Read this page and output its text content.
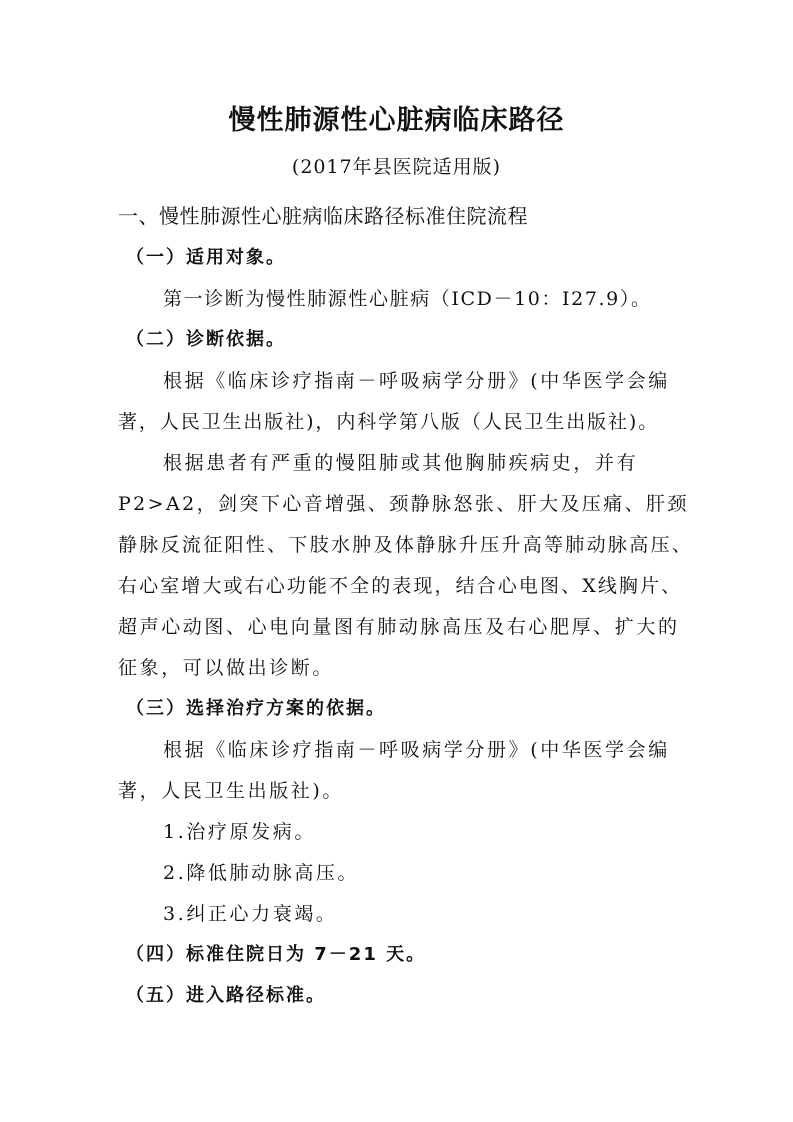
慢性肺源性心脏病临床路径
(2017年县医院适用版)
一、慢性肺源性心脏病临床路径标准住院流程
（一）适用对象。
第一诊断为慢性肺源性心脏病（ICD－10：I27.9）。
（二）诊断依据。
根据《临床诊疗指南－呼吸病学分册》(中华医学会编
著，人民卫生出版社)，内科学第八版（人民卫生出版社)。
根据患者有严重的慢阻肺或其他胸肺疾病史，并有
P2>A2，剑突下心音增强、颈静脉怒张、肝大及压痛、肝颈
静脉反流征阳性、下肢水肿及体静脉升压升高等肺动脉高压、
右心室增大或右心功能不全的表现，结合心电图、X线胸片、
超声心动图、心电向量图有肺动脉高压及右心肥厚、扩大的
征象，可以做出诊断。
（三）选择治疗方案的依据。
根据《临床诊疗指南－呼吸病学分册》(中华医学会编
著，人民卫生出版社)。
1.治疗原发病。
2.降低肺动脉高压。
3.纠正心力衰竭。
（四）标准住院日为 7－21 天。
（五）进入路径标准。
